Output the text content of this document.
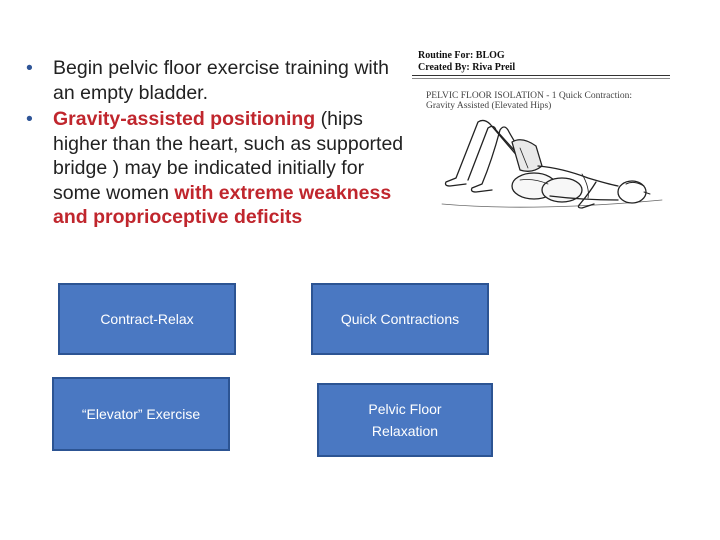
• Begin pelvic floor exercise training with an empty bladder.
• Gravity-assisted positioning (hips higher than the heart, such as supported bridge ) may be indicated initially for some women with extreme weakness and proprioceptive deficits
Routine For: BLOG
Created By: Riva Preil
PELVIC FLOOR ISOLATION - 1 Quick Contraction:
Gravity Assisted (Elevated Hips)
Contract-Relax	Quick Contractions
“Elevator” Exercise	Pelvic Floor Relaxation
